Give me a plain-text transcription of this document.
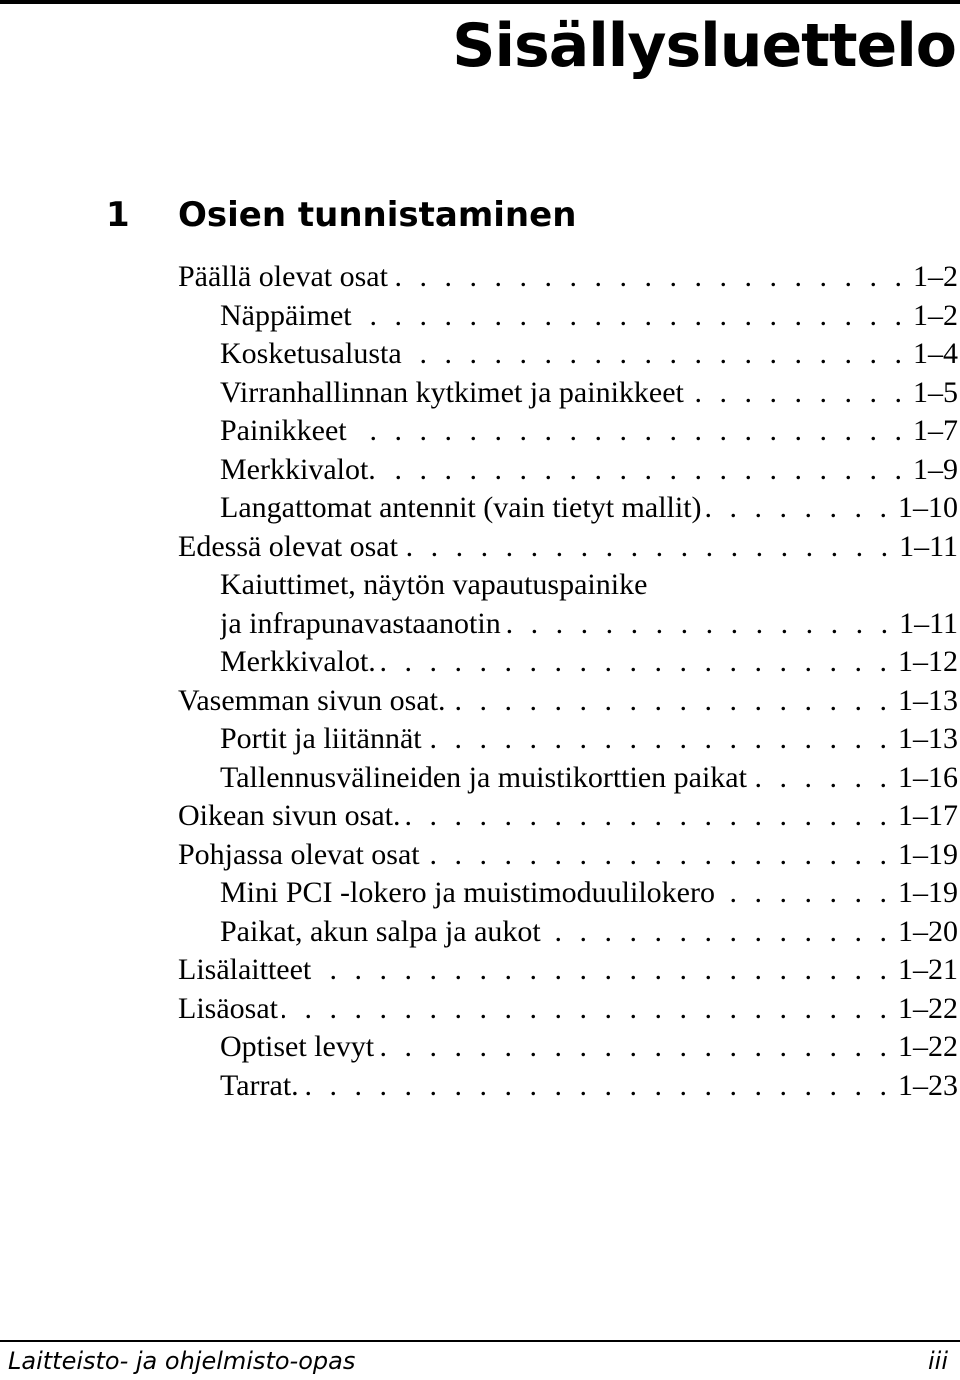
Sisällysluettelo
1 Osien tunnistaminen
Päällä olevat osat . . .	1–2
Näppäimet . . .	1–2
Kosketusalusta . . .	1–4
Virranhallinnan kytkimet ja painikkeet . . .	1–5
Painikkeet . . .	1–7
Merkkivalot. . . .	1–9
Langattomat antennit (vain tietyt mallit) . . .	1–10
Edessä olevat osat . . .	1–11
Kaiuttimet, näytön vapautuspainike
ja infrapunavastaanotin . . .	1–11
Merkkivalot. . . .	1–12
Vasemman sivun osat. . . .	1–13
Portit ja liitännät . . .	1–13
Tallennusvälineiden ja muistikorttien paikat . . .	1–16
Oikean sivun osat. . . .	1–17
Pohjassa olevat osat . . .	1–19
Mini PCI -lokero ja muistimoduulilokero . . .	1–19
Paikat, akun salpa ja aukot . . .	1–20
Lisälaitteet . . .	1–21
Lisäosat . . .	1–22
Optiset levyt . . .	1–22
Tarrat. . . .	1–23
Laitteisto- ja ohjelmisto-opas	iii
